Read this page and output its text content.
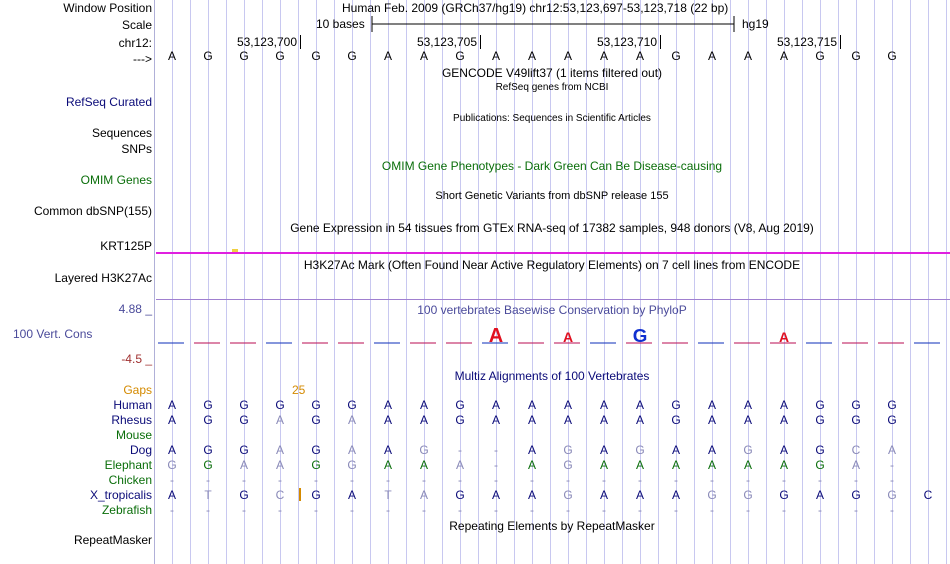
Window Position
Scale
chr12:
--->
Human Feb. 2009 (GRCh37/hg19) chr12:53,123,697-53,123,718 (22 bp)
10 bases	hg19
53,123,700	53,123,705	53,123,710	53,123,715
A	G	G	G	G	G	A	A	G	A	A	A	A	A	G	A	A	A	G	G	G
GENCODE V49lift37 (1 items filtered out)
RefSeq genes from NCBI
RefSeq Curated
Publications: Sequences in Scientific Articles
Sequences
SNPs
OMIM Gene Phenotypes - Dark Green Can Be Disease-causing
OMIM Genes
Short Genetic Variants from dbSNP release 155
Common dbSNP(155)
Gene Expression in 54 tissues from GTEx RNA-seq of 17382 samples, 948 donors (V8, Aug 2019)
KRT125P
H3K27Ac Mark (Often Found Near Active Regulatory Elements) on 7 cell lines from ENCODE
Layered H3K27Ac
100 vertebrates Basewise Conservation by PhyloP
4.88 _
100 Vert. Cons
-4.5 _
A	A	G	A
Multiz Alignments of 100 Vertebrates
Gaps	25
Human	A	G	G	G	G	G	A	A	G	A	A	A	A	A	G	A	A	A	G	G	G
Rhesus	A	G	G	A	G	A	A	A	G	A	A	A	A	A	G	A	A	A	G	G	G
Mouse
Dog	A	G	G	A	G	A	A	G	-	-	A	G	A	G	A	A	G	A	G	C	A
Elephant	G	G	A	A	G	G	A	A	A	-	A	G	A	A	A	A	A	A	G	A	-
Chicken	-	-	-	-	-	-	-	-	-	-	-	-	-	-	-	-	-	-	-	-	-
X_tropicalis	A	T	G	C	G	A	T	A	G	A	A	G	A	A	A	G	G	G	A	G	G	C
Zebrafish	-	-	-	-	-	-	-	-	-	-	-	-	-	-	-	-	-	-	-	-	-
Repeating Elements by RepeatMasker
RepeatMasker
